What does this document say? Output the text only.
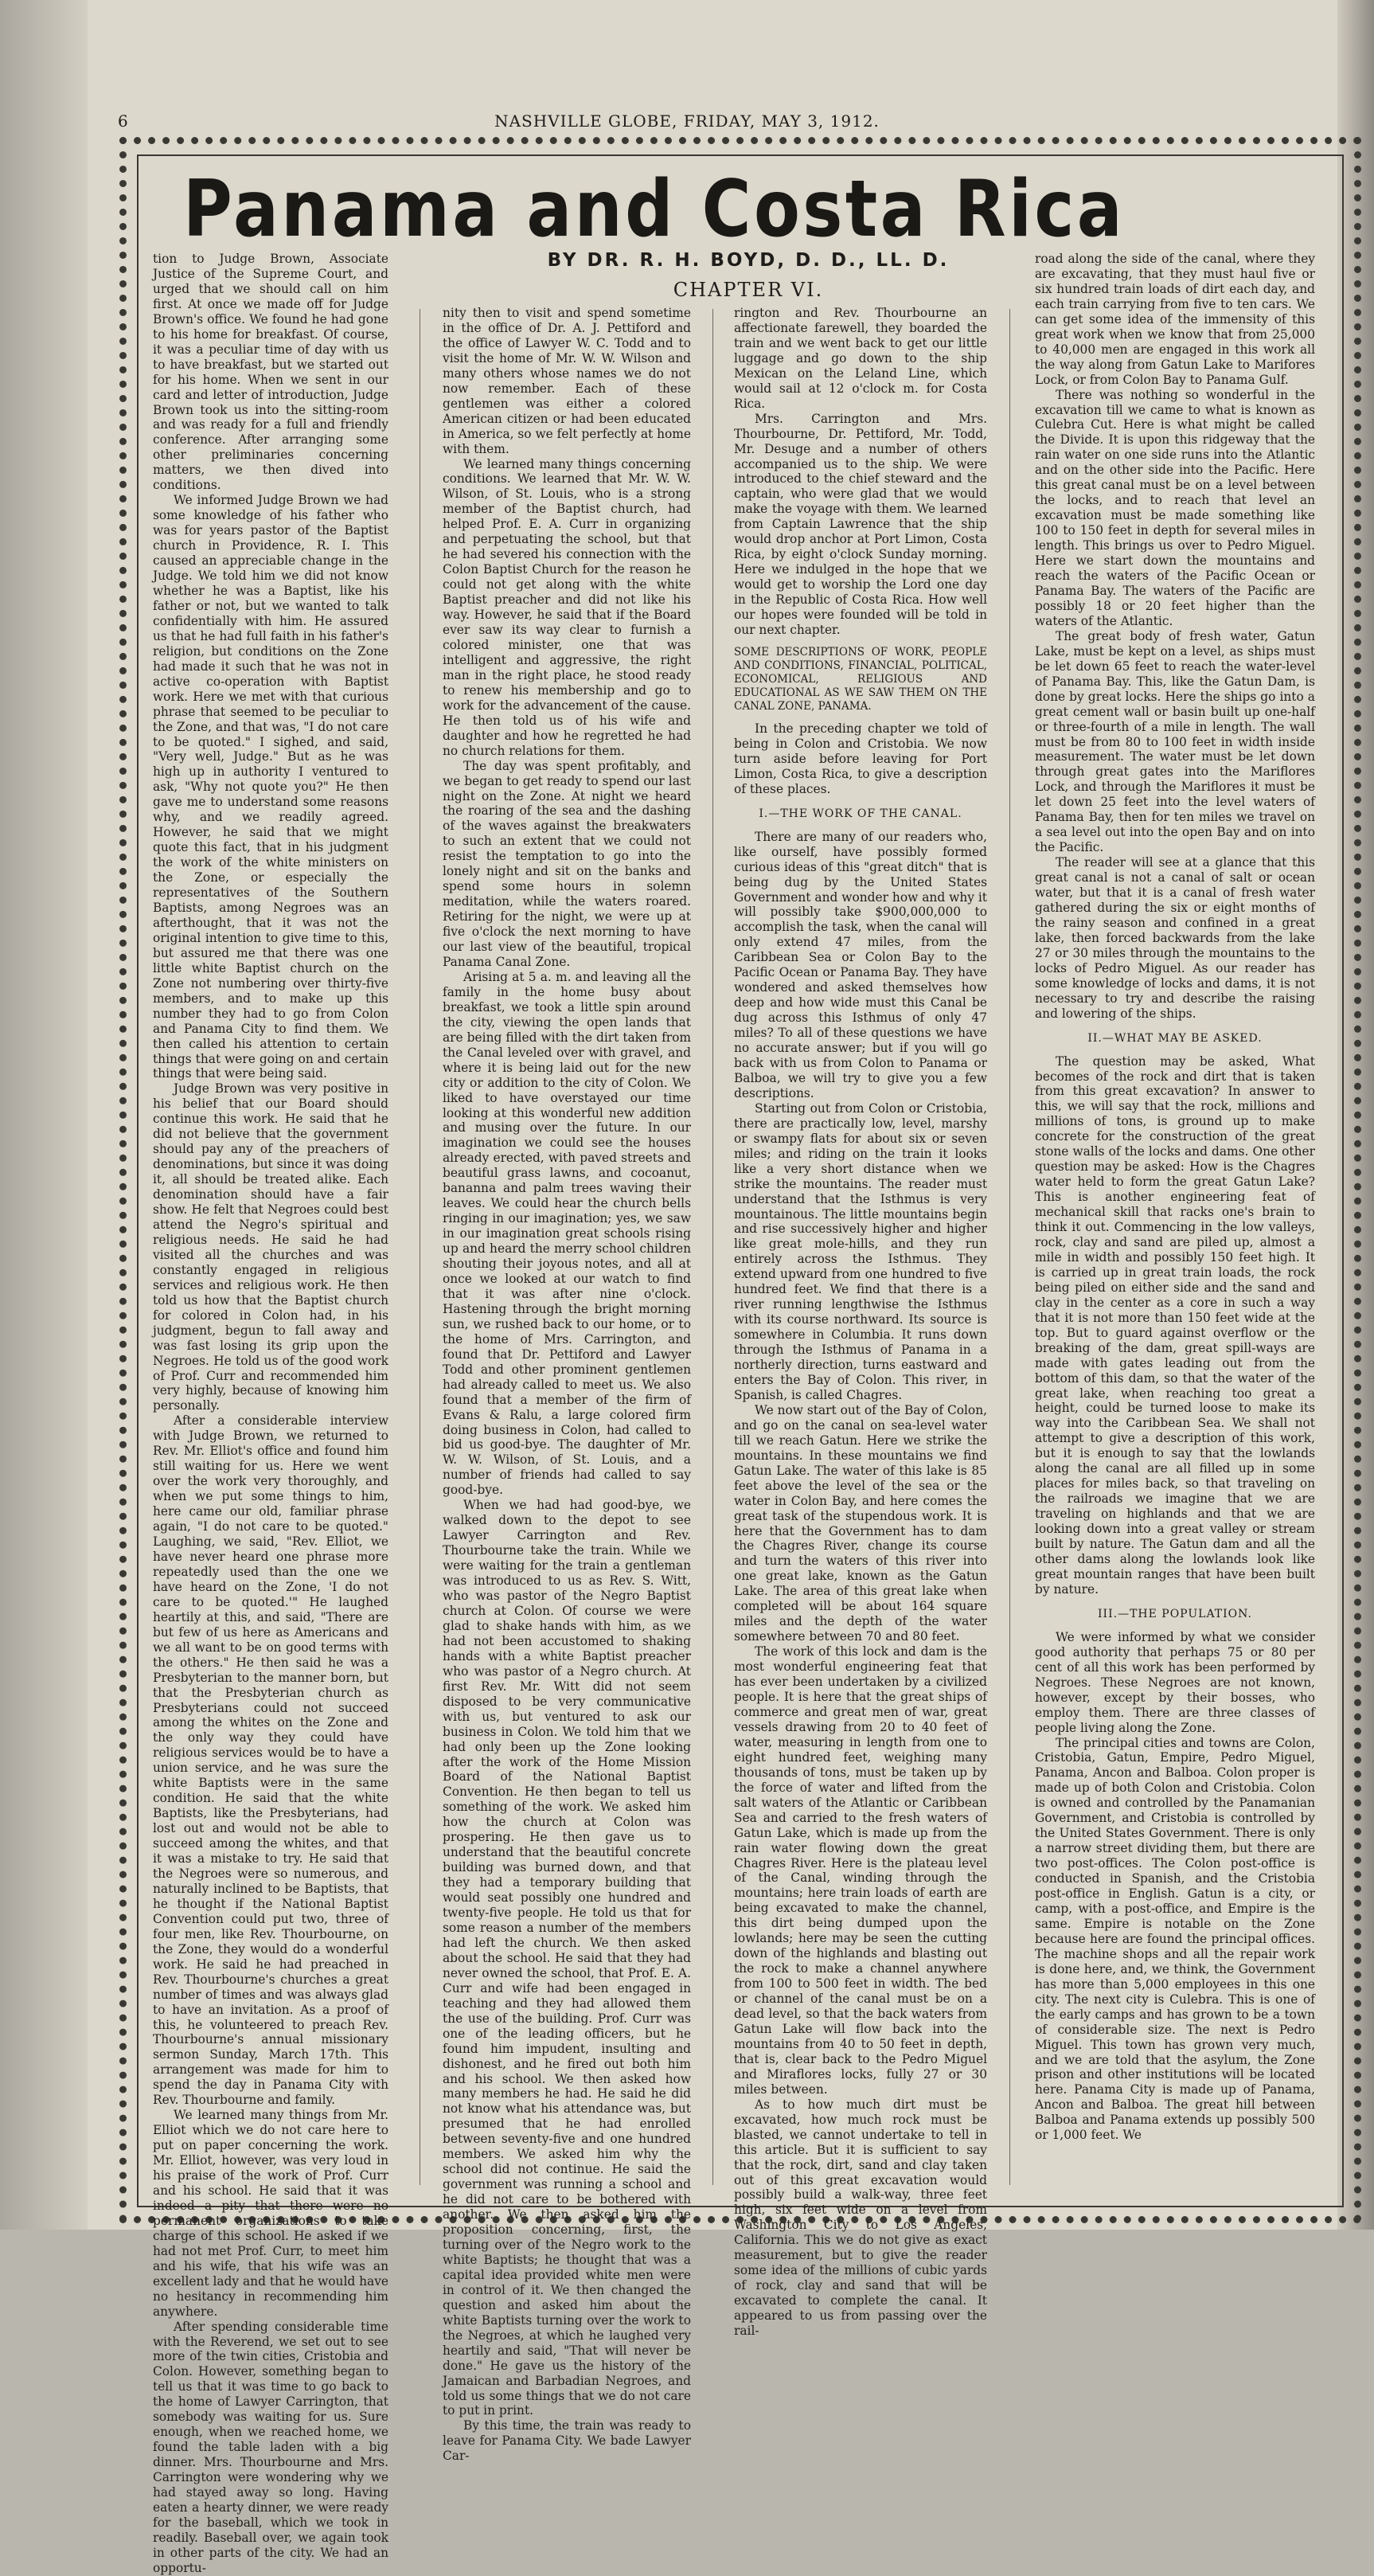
6	NASHVILLE GLOBE, FRIDAY, MAY 3, 1912.
Panama and Costa Rica
BY DR. R. H. BOYD, D. D., LL. D.
CHAPTER VI.

tion to Judge Brown, Associate Justice of the Supreme Court, and urged that we should call on him first. At once we made off for Judge Brown's office. We found he had gone to his home for breakfast. Of course, it was a peculiar time of day with us to have breakfast, but we started out for his home. When we sent in our card and letter of introduction, Judge Brown took us into the sitting-room and was ready for a full and friendly conference. After arranging some other preliminaries concerning matters, we then dived into conditions.

We informed Judge Brown we had some knowledge of his father who was for years pastor of the Baptist church in Providence, R. I. This caused an appreciable change in the Judge. We told him we did not know whether he was a Baptist, like his father or not, but we wanted to talk confidentially with him. He assured us that he had full faith in his father's religion, but conditions on the Zone had made it such that he was not in active co-operation with Baptist work. Here we met with that curious phrase that seemed to be peculiar to the Zone, and that was, "I do not care to be quoted." I sighed, and said, "Very well, Judge." But as he was high up in authority I ventured to ask, "Why not quote you?" He then gave me to understand some reasons why, and we readily agreed. However, he said that we might quote this fact, that in his judgment the work of the white ministers on the Zone, or especially the representatives of the Southern Baptists, among Negroes was an afterthought, that it was not the original intention to give time to this, but assured me that there was one little white Baptist church on the Zone not numbering over thirty-five members, and to make up this number they had to go from Colon and Panama City to find them. We then called his attention to certain things that were going on and certain things that were being said.

Judge Brown was very positive in his belief that our Board should continue this work. He said that he did not believe that the government should pay any of the preachers of denominations, but since it was doing it, all should be treated alike. Each denomination should have a fair show. He felt that Negroes could best attend the Negro's spiritual and religious needs. He said he had visited all the churches and was constantly engaged in religious services and religious work. He then told us how that the Baptist church for colored in Colon had, in his judgment, begun to fall away and was fast losing its grip upon the Negroes. He told us of the good work of Prof. Curr and recommended him very highly, because of knowing him personally.

After a considerable interview with Judge Brown, we returned to Rev. Mr. Elliot's office and found him still waiting for us. Here we went over the work very thoroughly, and when we put some things to him, here came our old, familiar phrase again, "I do not care to be quoted." Laughing, we said, "Rev. Elliot, we have never heard one phrase more repeatedly used than the one we have heard on the Zone, 'I do not care to be quoted.'" He laughed heartily at this, and said, "There are but few of us here as Americans and we all want to be on good terms with the others." He then said he was a Presbyterian to the manner born, but that the Presbyterian church as Presbyterians could not succeed among the whites on the Zone and the only way they could have religious services would be to have a union service, and he was sure the white Baptists were in the same condition. He said that the white Baptists, like the Presbyterians, had lost out and would not be able to succeed among the whites, and that it was a mistake to try. He said that the Negroes were so numerous, and naturally inclined to be Baptists, that he thought if the National Baptist Convention could put two, three of four men, like Rev. Thourbourne, on the Zone, they would do a wonderful work. He said he had preached in Rev. Thourbourne's churches a great number of times and was always glad to have an invitation. As a proof of this, he volunteered to preach Rev. Thourbourne's annual missionary sermon Sunday, March 17th. This arrangement was made for him to spend the day in Panama City with Rev. Thourbourne and family.

We learned many things from Mr. Elliot which we do not care here to put on paper concerning the work. Mr. Elliot, however, was very loud in his praise of the work of Prof. Curr and his school. He said that it was indeed a pity that there were no permanent organizations to take charge of this school. He asked if we had not met Prof. Curr, to meet him and his wife, that his wife was an excellent lady and that he would have no hesitancy in recommending him anywhere.

After spending considerable time with the Reverend, we set out to see more of the twin cities, Cristobia and Colon. However, something began to tell us that it was time to go back to the home of Lawyer Carrington, that somebody was waiting for us. Sure enough, when we reached home, we found the table laden with a big dinner. Mrs. Thourbourne and Mrs. Carrington were wondering why we had stayed away so long. Having eaten a hearty dinner, we were ready for the baseball, which we took in readily. Baseball over, we again took in other parts of the city. We had an opportu-

nity then to visit and spend sometime in the office of Dr. A. J. Pettiford and the office of Lawyer W. C. Todd and to visit the home of Mr. W. W. Wilson and many others whose names we do not now remember. Each of these gentlemen was either a colored American citizen or had been educated in America, so we felt perfectly at home with them.

We learned many things concerning conditions. We learned that Mr. W. W. Wilson, of St. Louis, who is a strong member of the Baptist church, had helped Prof. E. A. Curr in organizing and perpetuating the school, but that he had severed his connection with the Colon Baptist Church for the reason he could not get along with the white Baptist preacher and did not like his way. However, he said that if the Board ever saw its way clear to furnish a colored minister, one that was intelligent and aggressive, the right man in the right place, he stood ready to renew his membership and go to work for the advancement of the cause. He then told us of his wife and daughter and how he regretted he had no church relations for them.

The day was spent profitably, and we began to get ready to spend our last night on the Zone. At night we heard the roaring of the sea and the dashing of the waves against the breakwaters to such an extent that we could not resist the temptation to go into the lonely night and sit on the banks and spend some hours in solemn meditation, while the waters roared. Retiring for the night, we were up at five o'clock the next morning to have our last view of the beautiful, tropical Panama Canal Zone.

Arising at 5 a. m. and leaving all the family in the home busy about breakfast, we took a little spin around the city, viewing the open lands that are being filled with the dirt taken from the Canal leveled over with gravel, and where it is being laid out for the new city or addition to the city of Colon. We liked to have overstayed our time looking at this wonderful new addition and musing over the future. In our imagination we could see the houses already erected, with paved streets and beautiful grass lawns, and cocoanut, bananna and palm trees waving their leaves. We could hear the church bells ringing in our imagination; yes, we saw in our imagination great schools rising up and heard the merry school children shouting their joyous notes, and all at once we looked at our watch to find that it was after nine o'clock. Hastening through the bright morning sun, we rushed back to our home, or to the home of Mrs. Carrington, and found that Dr. Pettiford and Lawyer Todd and other prominent gentlemen had already called to meet us. We also found that a member of the firm of Evans & Ralu, a large colored firm doing business in Colon, had called to bid us good-bye. The daughter of Mr. W. W. Wilson, of St. Louis, and a number of friends had called to say good-bye.

When we had had good-bye, we walked down to the depot to see Lawyer Carrington and Rev. Thourbourne take the train. While we were waiting for the train a gentleman was introduced to us as Rev. S. Witt, who was pastor of the Negro Baptist church at Colon. Of course we were glad to shake hands with him, as we had not been accustomed to shaking hands with a white Baptist preacher who was pastor of a Negro church. At first Rev. Mr. Witt did not seem disposed to be very communicative with us, but ventured to ask our business in Colon. We told him that we had only been up the Zone looking after the work of the Home Mission Board of the National Baptist Convention. He then began to tell us something of the work. We asked him how the church at Colon was prospering. He then gave us to understand that the beautiful concrete building was burned down, and that they had a temporary building that would seat possibly one hundred and twenty-five people. He told us that for some reason a number of the members had left the church. We then asked about the school. He said that they had never owned the school, that Prof. E. A. Curr and wife had been engaged in teaching and they had allowed them the use of the building. Prof. Curr was one of the leading officers, but he found him impudent, insulting and dishonest, and he fired out both him and his school. We then asked how many members he had. He said he did not know what his attendance was, but presumed that he had enrolled between seventy-five and one hundred members. We asked him why the school did not continue. He said the government was running a school and he did not care to be bothered with another. We then asked him the proposition concerning, first, the turning over of the Negro work to the white Baptists; he thought that was a capital idea provided white men were in control of it. We then changed the question and asked him about the white Baptists turning over the work to the Negroes, at which he laughed very heartily and said, "That will never be done." He gave us the history of the Jamaican and Barbadian Negroes, and told us some things that we do not care to put in print.

By this time, the train was ready to leave for Panama City. We bade Lawyer Car-

rington and Rev. Thourbourne an affectionate farewell, they boarded the train and we went back to get our little luggage and go down to the ship Mexican on the Leland Line, which would sail at 12 o'clock m. for Costa Rica.

Mrs. Carrington and Mrs. Thourbourne, Dr. Pettiford, Mr. Todd, Mr. Desuge and a number of others accompanied us to the ship. We were introduced to the chief steward and the captain, who were glad that we would make the voyage with them. We learned from Captain Lawrence that the ship would drop anchor at Port Limon, Costa Rica, by eight o'clock Sunday morning. Here we indulged in the hope that we would get to worship the Lord one day in the Republic of Costa Rica. How well our hopes were founded will be told in our next chapter.

SOME DESCRIPTIONS OF WORK, PEOPLE AND CONDITIONS, FINANCIAL, POLITICAL, ECONOMICAL, RELIGIOUS AND EDUCATIONAL AS WE SAW THEM ON THE CANAL ZONE, PANAMA.

In the preceding chapter we told of being in Colon and Cristobia. We now turn aside before leaving for Port Limon, Costa Rica, to give a description of these places.

I.—THE WORK OF THE CANAL.

There are many of our readers who, like ourself, have possibly formed curious ideas of this "great ditch" that is being dug by the United States Government and wonder how and why it will possibly take $900,000,000 to accomplish the task, when the canal will only extend 47 miles, from the Caribbean Sea or Colon Bay to the Pacific Ocean or Panama Bay. They have wondered and asked themselves how deep and how wide must this Canal be dug across this Isthmus of only 47 miles? To all of these questions we have no accurate answer; but if you will go back with us from Colon to Panama or Balboa, we will try to give you a few descriptions.

Starting out from Colon or Cristobia, there are practically low, level, marshy or swampy flats for about six or seven miles; and riding on the train it looks like a very short distance when we strike the mountains. The reader must understand that the Isthmus is very mountainous. The little mountains begin and rise successively higher and higher like great mole-hills, and they run entirely across the Isthmus. They extend upward from one hundred to five hundred feet. We find that there is a river running lengthwise the Isthmus with its course northward. Its source is somewhere in Columbia. It runs down through the Isthmus of Panama in a northerly direction, turns eastward and enters the Bay of Colon. This river, in Spanish, is called Chagres.

We now start out of the Bay of Colon, and go on the canal on sea-level water till we reach Gatun. Here we strike the mountains. In these mountains we find Gatun Lake. The water of this lake is 85 feet above the level of the sea or the water in Colon Bay, and here comes the great task of the stupendous work. It is here that the Government has to dam the Chagres River, change its course and turn the waters of this river into one great lake, known as the Gatun Lake. The area of this great lake when completed will be about 164 square miles and the depth of the water somewhere between 70 and 80 feet.

The work of this lock and dam is the most wonderful engineering feat that has ever been undertaken by a civilized people. It is here that the great ships of commerce and great men of war, great vessels drawing from 20 to 40 feet of water, measuring in length from one to eight hundred feet, weighing many thousands of tons, must be taken up by the force of water and lifted from the salt waters of the Atlantic or Caribbean Sea and carried to the fresh waters of Gatun Lake, which is made up from the rain water flowing down the great Chagres River. Here is the plateau level of the Canal, winding through the mountains; here train loads of earth are being excavated to make the channel, this dirt being dumped upon the lowlands; here may be seen the cutting down of the highlands and blasting out the rock to make a channel anywhere from 100 to 500 feet in width. The bed or channel of the canal must be on a dead level, so that the back waters from Gatun Lake will flow back into the mountains from 40 to 50 feet in depth, that is, clear back to the Pedro Miguel and Miraflores locks, fully 27 or 30 miles between.

As to how much dirt must be excavated, how much rock must be blasted, we cannot undertake to tell in this article. But it is sufficient to say that the rock, dirt, sand and clay taken out of this great excavation would possibly build a walk-way, three feet high, six feet wide on a level from Washington City to Los Angeles, California. This we do not give as exact measurement, but to give the reader some idea of the millions of cubic yards of rock, clay and sand that will be excavated to complete the canal. It appeared to us from passing over the rail-

road along the side of the canal, where they are excavating, that they must haul five or six hundred train loads of dirt each day, and each train carrying from five to ten cars. We can get some idea of the immensity of this great work when we know that from 25,000 to 40,000 men are engaged in this work all the way along from Gatun Lake to Marifores Lock, or from Colon Bay to Panama Gulf.

There was nothing so wonderful in the excavation till we came to what is known as Culebra Cut. Here is what might be called the Divide. It is upon this ridgeway that the rain water on one side runs into the Atlantic and on the other side into the Pacific. Here this great canal must be on a level between the locks, and to reach that level an excavation must be made something like 100 to 150 feet in depth for several miles in length. This brings us over to Pedro Miguel. Here we start down the mountains and reach the waters of the Pacific Ocean or Panama Bay. The waters of the Pacific are possibly 18 or 20 feet higher than the waters of the Atlantic.

The great body of fresh water, Gatun Lake, must be kept on a level, as ships must be let down 65 feet to reach the water-level of Panama Bay. This, like the Gatun Dam, is done by great locks. Here the ships go into a great cement wall or basin built up one-half or three-fourth of a mile in length. The wall must be from 80 to 100 feet in width inside measurement. The water must be let down through great gates into the Mariflores Lock, and through the Mariflores it must be let down 25 feet into the level waters of Panama Bay, then for ten miles we travel on a sea level out into the open Bay and on into the Pacific.

The reader will see at a glance that this great canal is not a canal of salt or ocean water, but that it is a canal of fresh water gathered during the six or eight months of the rainy season and confined in a great lake, then forced backwards from the lake 27 or 30 miles through the mountains to the locks of Pedro Miguel. As our reader has some knowledge of locks and dams, it is not necessary to try and describe the raising and lowering of the ships.

II.—WHAT MAY BE ASKED.

The question may be asked, What becomes of the rock and dirt that is taken from this great excavation? In answer to this, we will say that the rock, millions and millions of tons, is ground up to make concrete for the construction of the great stone walls of the locks and dams. One other question may be asked: How is the Chagres water held to form the great Gatun Lake? This is another engineering feat of mechanical skill that racks one's brain to think it out. Commencing in the low valleys, rock, clay and sand are piled up, almost a mile in width and possibly 150 feet high. It is carried up in great train loads, the rock being piled on either side and the sand and clay in the center as a core in such a way that it is not more than 150 feet wide at the top. But to guard against overflow or the breaking of the dam, great spill-ways are made with gates leading out from the bottom of this dam, so that the water of the great lake, when reaching too great a height, could be turned loose to make its way into the Caribbean Sea. We shall not attempt to give a description of this work, but it is enough to say that the lowlands along the canal are all filled up in some places for miles back, so that traveling on the railroads we imagine that we are traveling on highlands and that we are looking down into a great valley or stream built by nature. The Gatun dam and all the other dams along the lowlands look like great mountain ranges that have been built by nature.

III.—THE POPULATION.

We were informed by what we consider good authority that perhaps 75 or 80 per cent of all this work has been performed by Negroes. These Negroes are not known, however, except by their bosses, who employ them. There are three classes of people living along the Zone.

The principal cities and towns are Colon, Cristobia, Gatun, Empire, Pedro Miguel, Panama, Ancon and Balboa. Colon proper is made up of both Colon and Cristobia. Colon is owned and controlled by the Panamanian Government, and Cristobia is controlled by the United States Government. There is only a narrow street dividing them, but there are two post-offices. The Colon post-office is conducted in Spanish, and the Cristobia post-office in English. Gatun is a city, or camp, with a post-office, and Empire is the same. Empire is notable on the Zone because here are found the principal offices. The machine shops and all the repair work is done here, and, we think, the Government has more than 5,000 employees in this one city. The next city is Culebra. This is one of the early camps and has grown to be a town of considerable size. The next is Pedro Miguel. This town has grown very much, and we are told that the asylum, the Zone prison and other institutions will be located here. Panama City is made up of Panama, Ancon and Balboa. The great hill between Balboa and Panama extends up possibly 500 or 1,000 feet. We
